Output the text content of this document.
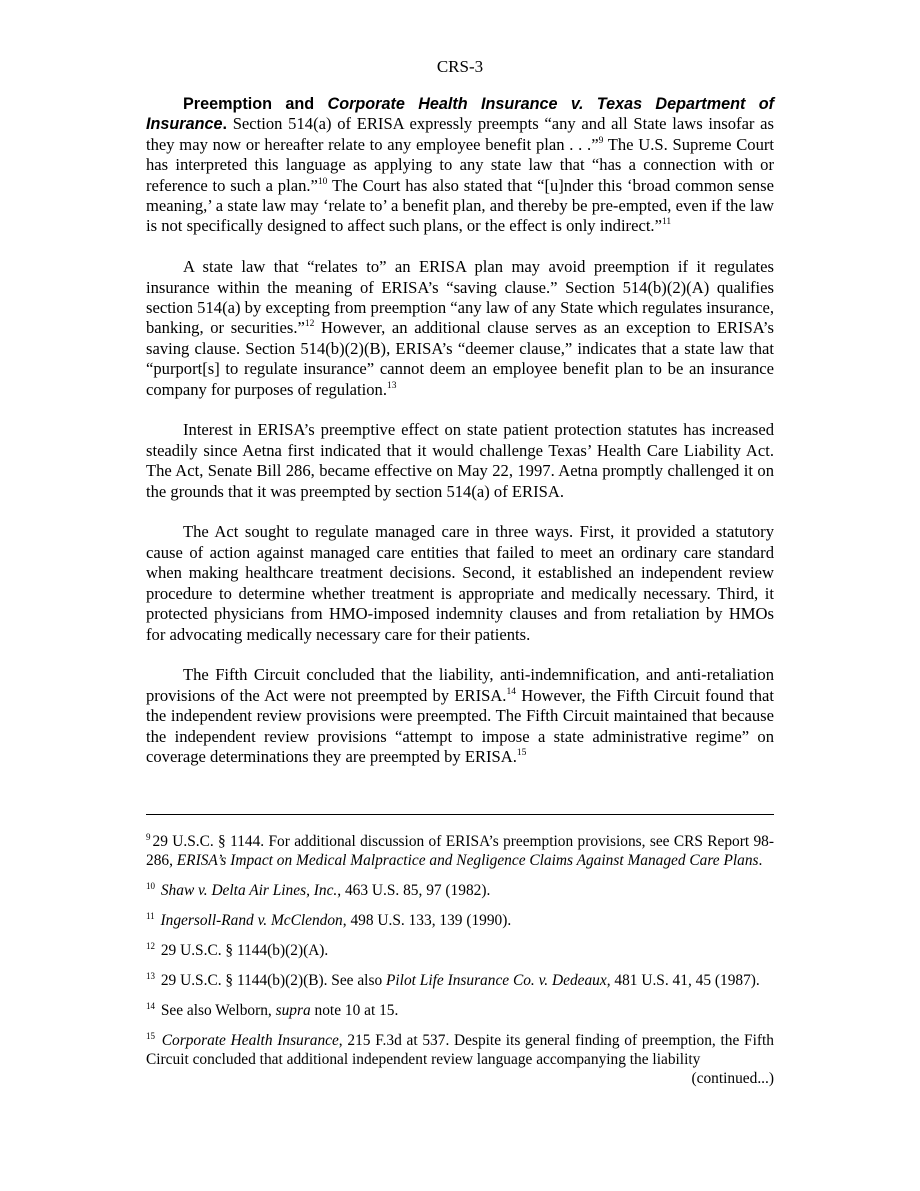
CRS-3

Preemption and Corporate Health Insurance v. Texas Department of Insurance. Section 514(a) of ERISA expressly preempts “any and all State laws insofar as they may now or hereafter relate to any employee benefit plan . . .”$^9$ The U.S. Supreme Court has interpreted this language as applying to any state law that “has a connection with or reference to such a plan.”$^{10}$ The Court has also stated that “[u]nder this ‘broad common sense meaning,’ a state law may ‘relate to’ a benefit plan, and thereby be pre-empted, even if the law is not specifically designed to affect such plans, or the effect is only indirect.”$^{11}$

A state law that “relates to” an ERISA plan may avoid preemption if it regulates insurance within the meaning of ERISA’s “saving clause.” Section 514(b)(2)(A) qualifies section 514(a) by excepting from preemption “any law of any State which regulates insurance, banking, or securities.”$^{12}$ However, an additional clause serves as an exception to ERISA’s saving clause. Section 514(b)(2)(B), ERISA’s “deemer clause,” indicates that a state law that “purport[s] to regulate insurance” cannot deem an employee benefit plan to be an insurance company for purposes of regulation.$^{13}$

Interest in ERISA’s preemptive effect on state patient protection statutes has increased steadily since Aetna first indicated that it would challenge Texas’ Health Care Liability Act. The Act, Senate Bill 286, became effective on May 22, 1997. Aetna promptly challenged it on the grounds that it was preempted by section 514(a) of ERISA.

The Act sought to regulate managed care in three ways. First, it provided a statutory cause of action against managed care entities that failed to meet an ordinary care standard when making healthcare treatment decisions. Second, it established an independent review procedure to determine whether treatment is appropriate and medically necessary. Third, it protected physicians from HMO-imposed indemnity clauses and from retaliation by HMOs for advocating medically necessary care for their patients.

The Fifth Circuit concluded that the liability, anti-indemnification, and anti-retaliation provisions of the Act were not preempted by ERISA.$^{14}$ However, the Fifth Circuit found that the independent review provisions were preempted. The Fifth Circuit maintained that because the independent review provisions “attempt to impose a state administrative regime” on coverage determinations they are preempted by ERISA.$^{15}$

$^9$ 29 U.S.C. § 1144. For additional discussion of ERISA’s preemption provisions, see CRS Report 98-286, ERISA’s Impact on Medical Malpractice and Negligence Claims Against Managed Care Plans.

$^{10}$ Shaw v. Delta Air Lines, Inc., 463 U.S. 85, 97 (1982).

$^{11}$ Ingersoll-Rand v. McClendon, 498 U.S. 133, 139 (1990).

$^{12}$ 29 U.S.C. § 1144(b)(2)(A).

$^{13}$ 29 U.S.C. § 1144(b)(2)(B). See also Pilot Life Insurance Co. v. Dedeaux, 481 U.S. 41, 45 (1987).

$^{14}$ See also Welborn, supra note 10 at 15.

$^{15}$ Corporate Health Insurance, 215 F.3d at 537. Despite its general finding of preemption, the Fifth Circuit concluded that additional independent review language accompanying the liability

(continued...)
